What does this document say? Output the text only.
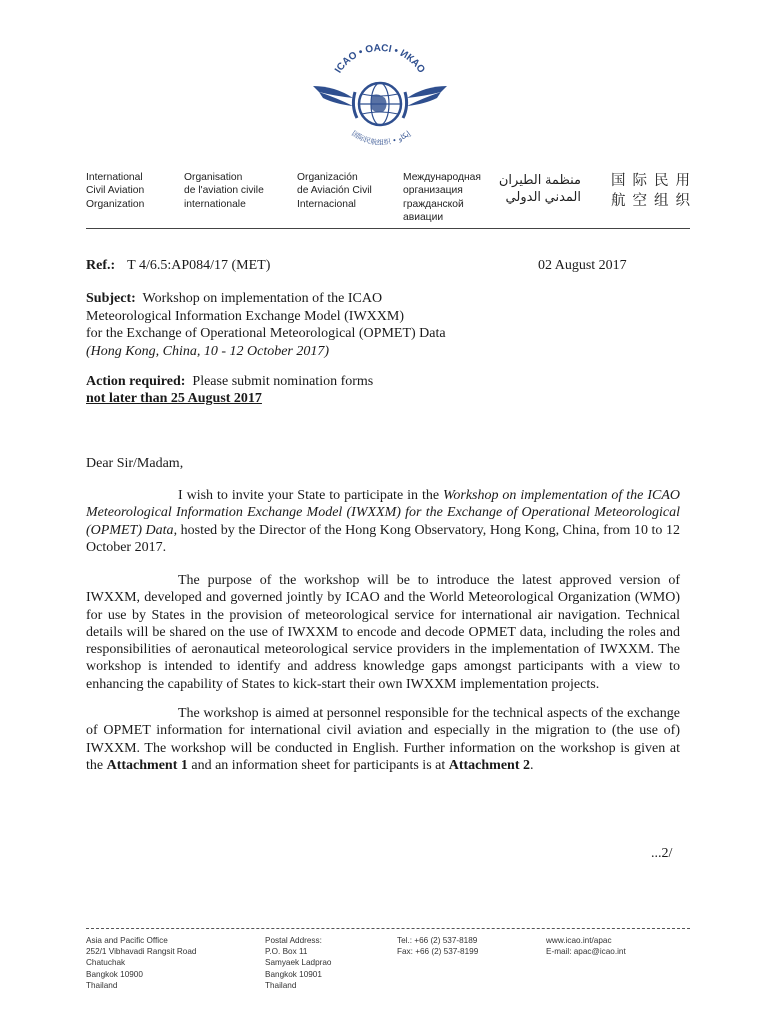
ICAO • OACI • ИКАО
国际民航组织 • إيكاو
International
Civil Aviation
Organization
Organisation
de l'aviation civile
internationale
Organización
de Aviación Civil
Internacional
Международная
организация
гражданской
авиации
منظمة الطيران
المدني الدولي
国际民用
航空组织
Ref.: T 4/6.5:AP084/17 (MET)	02 August 2017
Subject: Workshop on implementation of the ICAO
Meteorological Information Exchange Model (IWXXM)
for the Exchange of Operational Meteorological (OPMET) Data
(Hong Kong, China, 10 - 12 October 2017)
Action required: Please submit nomination forms
not later than 25 August 2017
Dear Sir/Madam,
I wish to invite your State to participate in the Workshop on implementation of the ICAO Meteorological Information Exchange Model (IWXXM) for the Exchange of Operational Meteorological (OPMET) Data, hosted by the Director of the Hong Kong Observatory, Hong Kong, China, from 10 to 12 October 2017.
The purpose of the workshop will be to introduce the latest approved version of IWXXM, developed and governed jointly by ICAO and the World Meteorological Organization (WMO) for use by States in the provision of meteorological service for international air navigation. Technical details will be shared on the use of IWXXM to encode and decode OPMET data, including the roles and responsibilities of aeronautical meteorological service providers in the implementation of IWXXM. The workshop is intended to identify and address knowledge gaps amongst participants with a view to enhancing the capability of States to kick-start their own IWXXM implementation projects.
The workshop is aimed at personnel responsible for the technical aspects of the exchange of OPMET information for international civil aviation and especially in the migration to (the use of) IWXXM. The workshop will be conducted in English. Further information on the workshop is given at the Attachment 1 and an information sheet for participants is at Attachment 2.
...2/
Asia and Pacific Office
252/1 Vibhavadi Rangsit Road
Chatuchak
Bangkok 10900
Thailand
Postal Address:
P.O. Box 11
Samyaek Ladprao
Bangkok 10901
Thailand
Tel.: +66 (2) 537-8189
Fax: +66 (2) 537-8199
www.icao.int/apac
E-mail: apac@icao.int
